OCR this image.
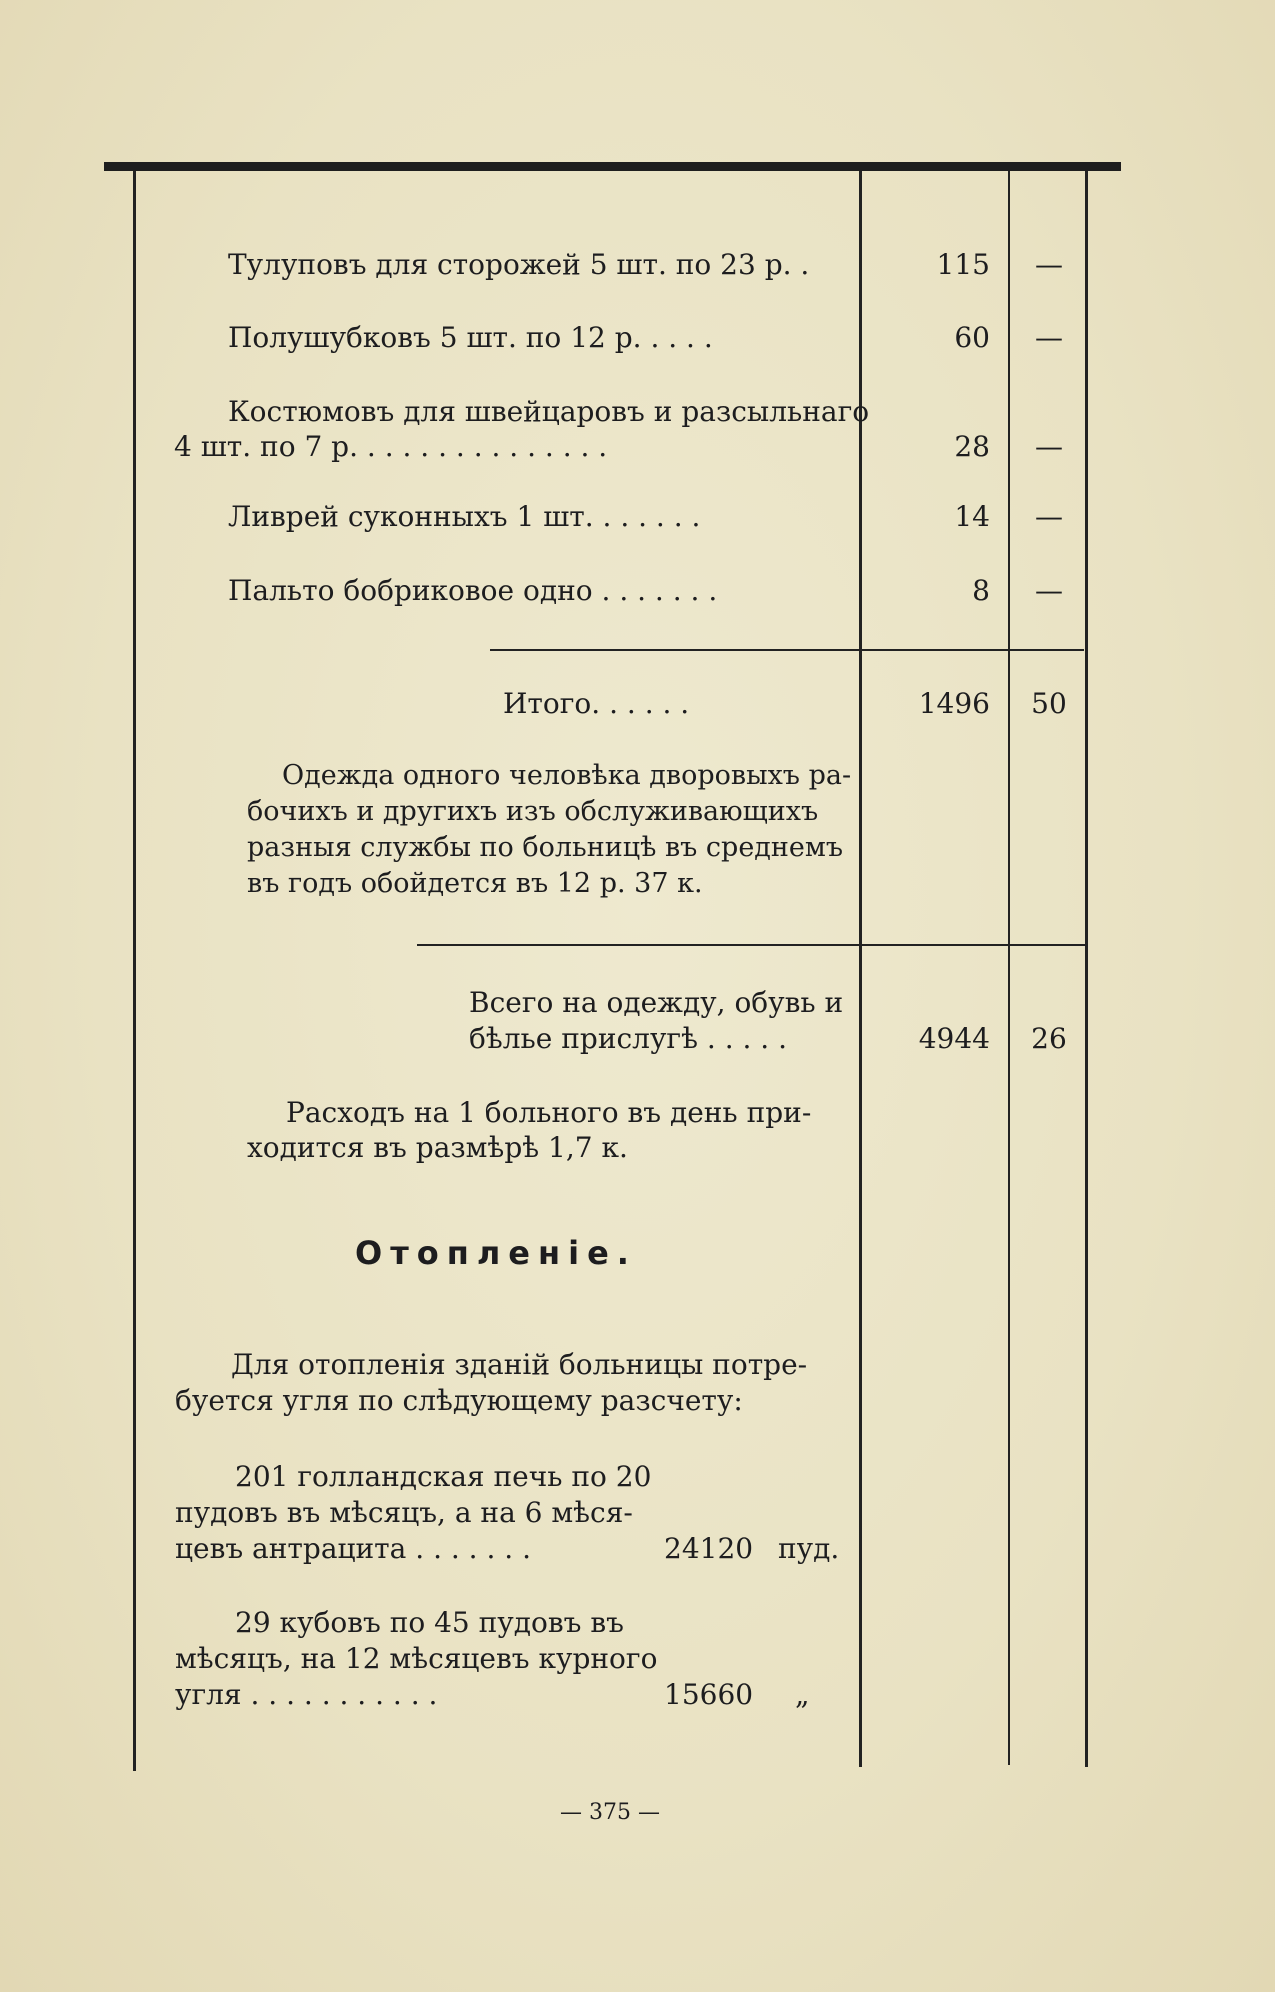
Тулуповъ для сторожей 5 шт. по 23 р. .	115	—
Полушубковъ 5 шт. по 12 р. . . . .	60	—
Костюмовъ для швейцаровъ и разсыльнаго
4 шт. по 7 р. . . . . . . . . . . . . . .	28	—
Ливрей суконныхъ 1 шт. . . . . . .	14	—
Пальто бобриковое одно . . . . . . .	8	—
Итого. . . . . .	1496	50
Одежда одного человѣка дворовыхъ ра-
бочихъ и другихъ изъ обслуживающихъ
разныя службы по больницѣ въ среднемъ
въ годъ обойдется въ 12 р. 37 к.
Всего на одежду, обувь и
бѣлье прислугѣ . . . . .	4944	26
Расходъ на 1 больного въ день при-
ходится въ размѣрѣ 1,7 к.
Отопленіе.
Для отопленія зданій больницы потре-
буется угля по слѣдующему разсчету:
201 голландская печь по 20
пудовъ въ мѣсяцъ, а на 6 мѣся-
цевъ антрацита . . . . . . .	24120 пуд.
29 кубовъ по 45 пудовъ въ
мѣсяцъ, на 12 мѣсяцевъ курного
угля . . . . . . . . . . .	15660 „
— 375 —
